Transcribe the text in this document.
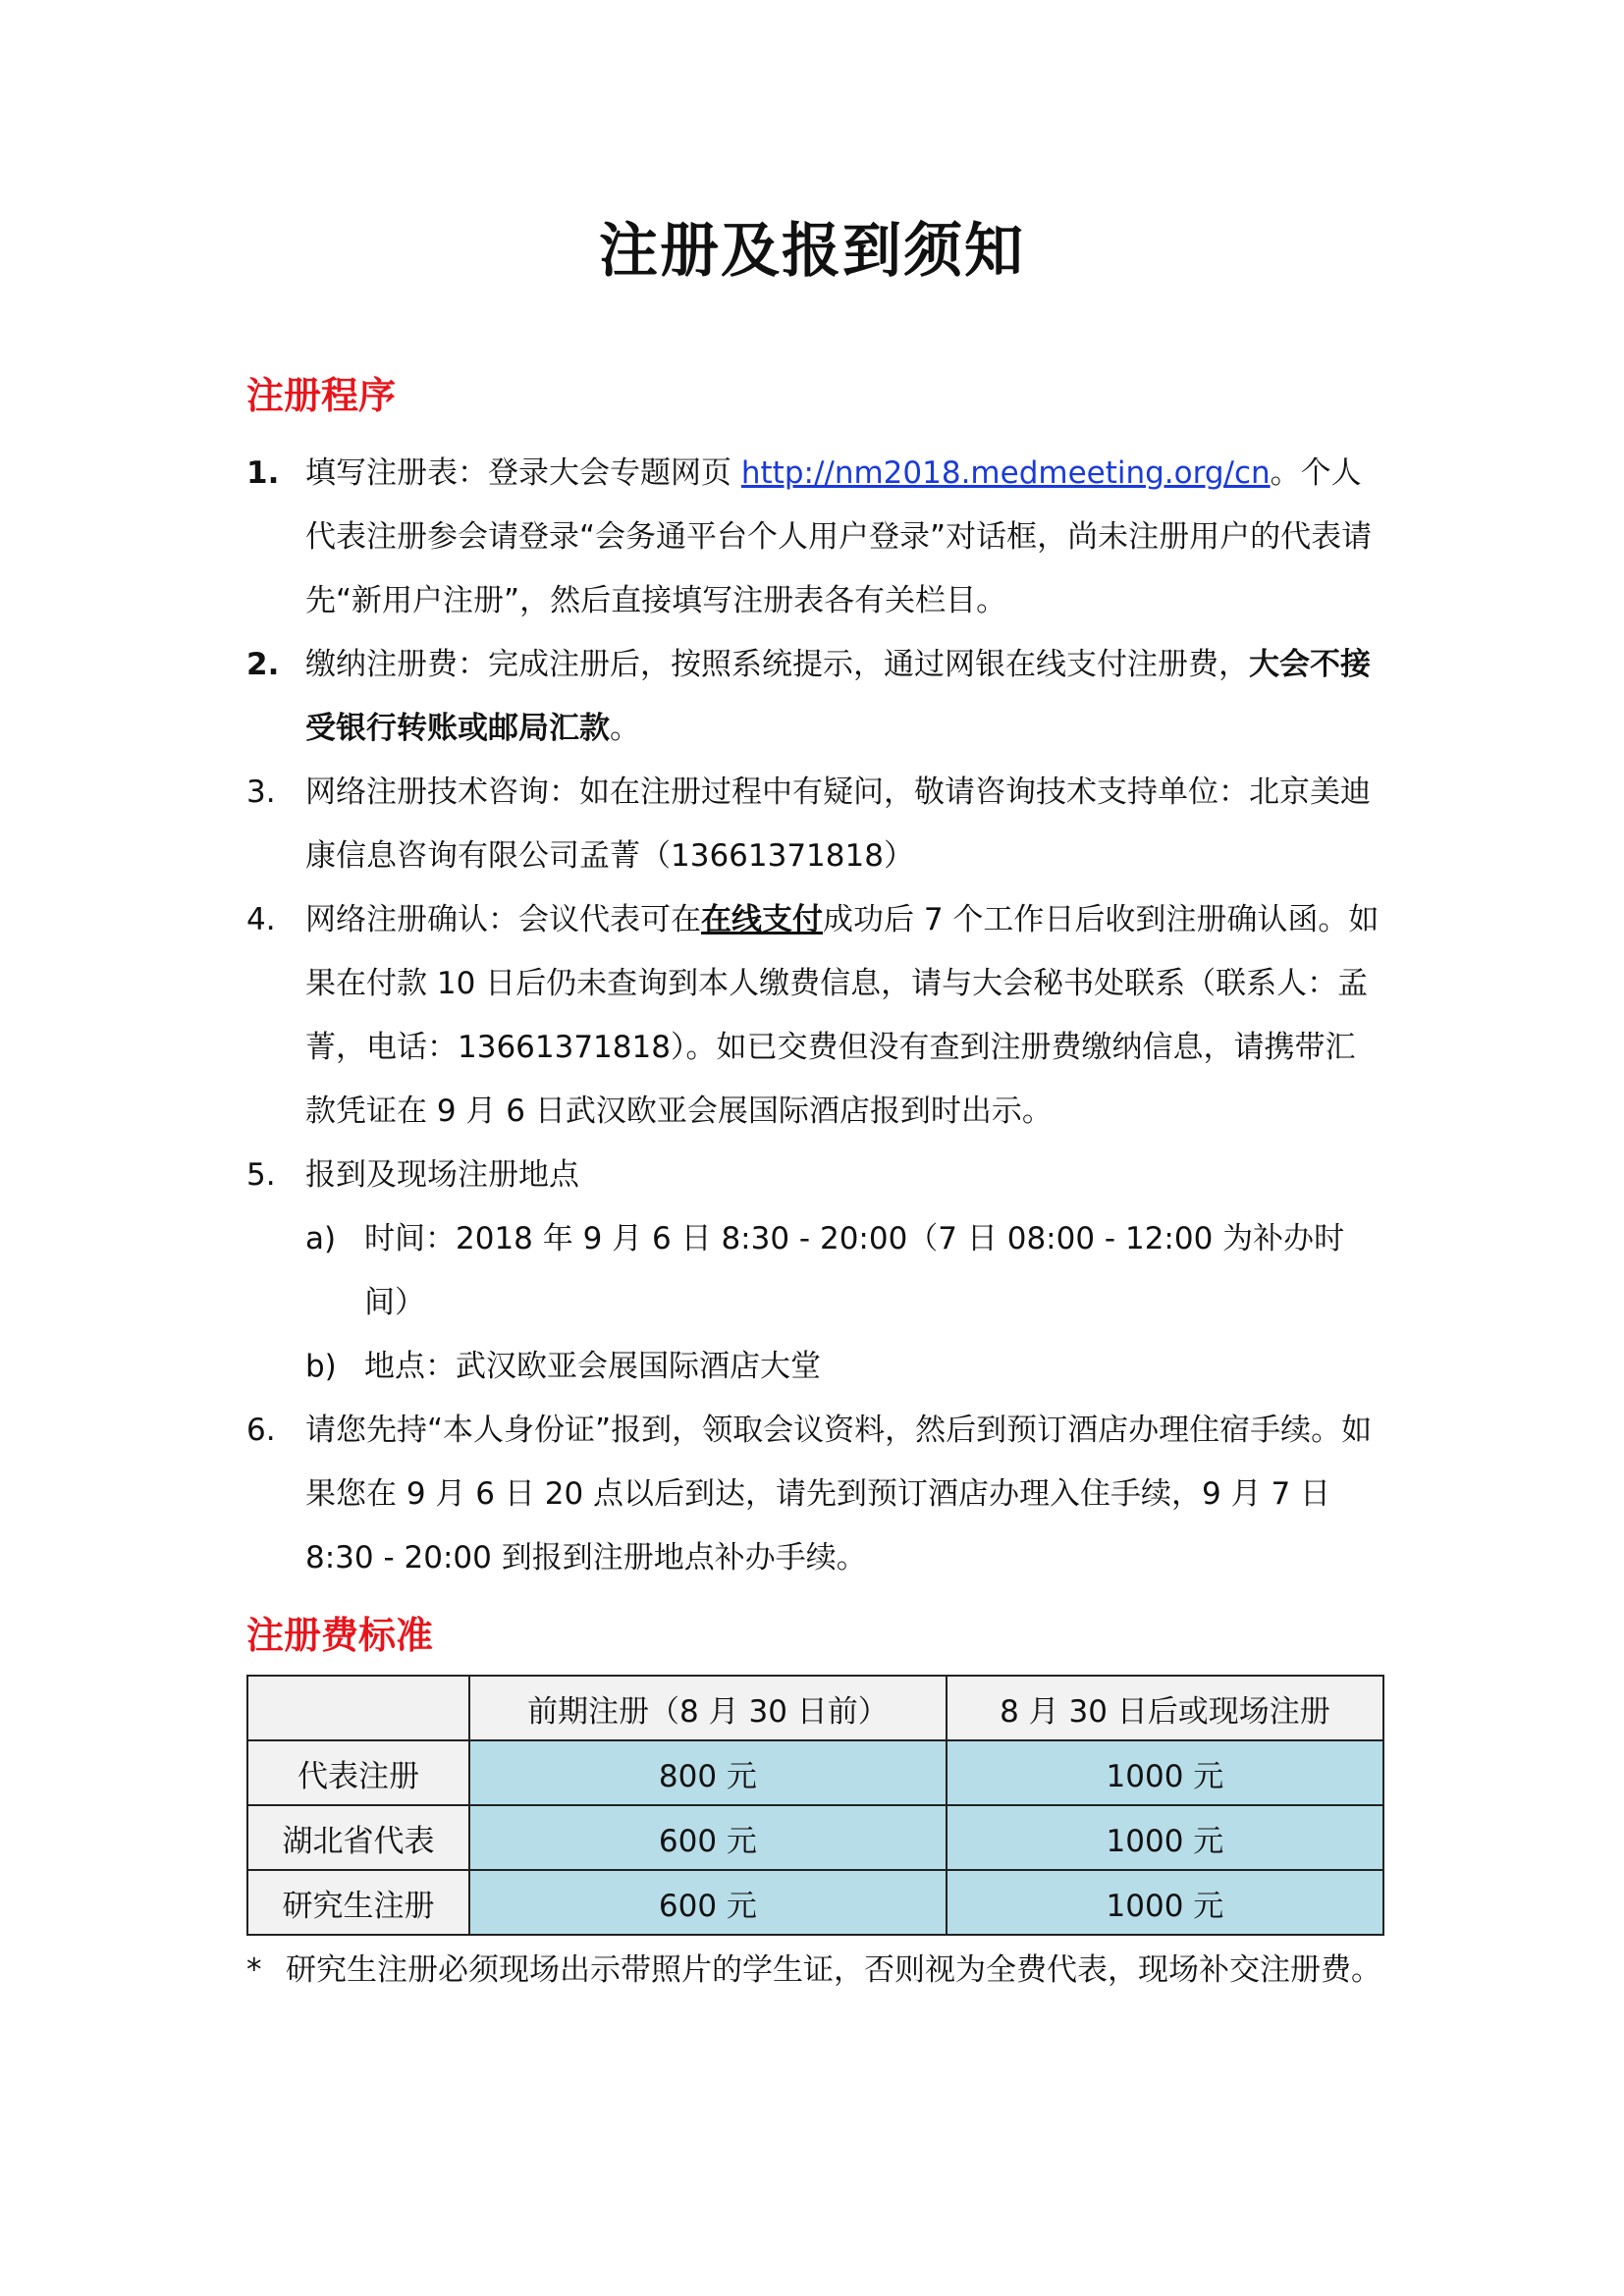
注册及报到须知
注册程序

1. 填写注册表：登录大会专题网页 http://nm2018.medmeeting.org/cn。个人代表注册参会请登录“会务通平台个人用户登录”对话框，尚未注册用户的代表请先“新用户注册”，然后直接填写注册表各有关栏目。

2. 缴纳注册费：完成注册后，按照系统提示，通过网银在线支付注册费，大会不接受银行转账或邮局汇款。

3. 网络注册技术咨询：如在注册过程中有疑问，敬请咨询技术支持单位：北京美迪康信息咨询有限公司孟菁（13661371818）

4. 网络注册确认：会议代表可在在线支付成功后 7 个工作日后收到注册确认函。如果在付款 10 日后仍未查询到本人缴费信息，请与大会秘书处联系（联系人：孟菁，电话：13661371818）。如已交费但没有查到注册费缴纳信息，请携带汇款凭证在 9 月 6 日武汉欧亚会展国际酒店报到时出示。

5. 报到及现场注册地点

a) 时间：2018 年 9 月 6 日 8:30 - 20:00（7 日 08:00 - 12:00 为补办时间）
b) 地点：武汉欧亚会展国际酒店大堂

6. 请您先持“本人身份证”报到，领取会议资料，然后到预订酒店办理住宿手续。如果您在 9 月 6 日 20 点以后到达，请先到预订酒店办理入住手续，9 月 7 日 8:30 - 20:00 到报到注册地点补办手续。

注册费标准
	前期注册（8 月 30 日前）	8 月 30 日后或现场注册
代表注册	800 元	1000 元
湖北省代表	600 元	1000 元
研究生注册	600 元	1000 元
* 研究生注册必须现场出示带照片的学生证，否则视为全费代表，现场补交注册费。
